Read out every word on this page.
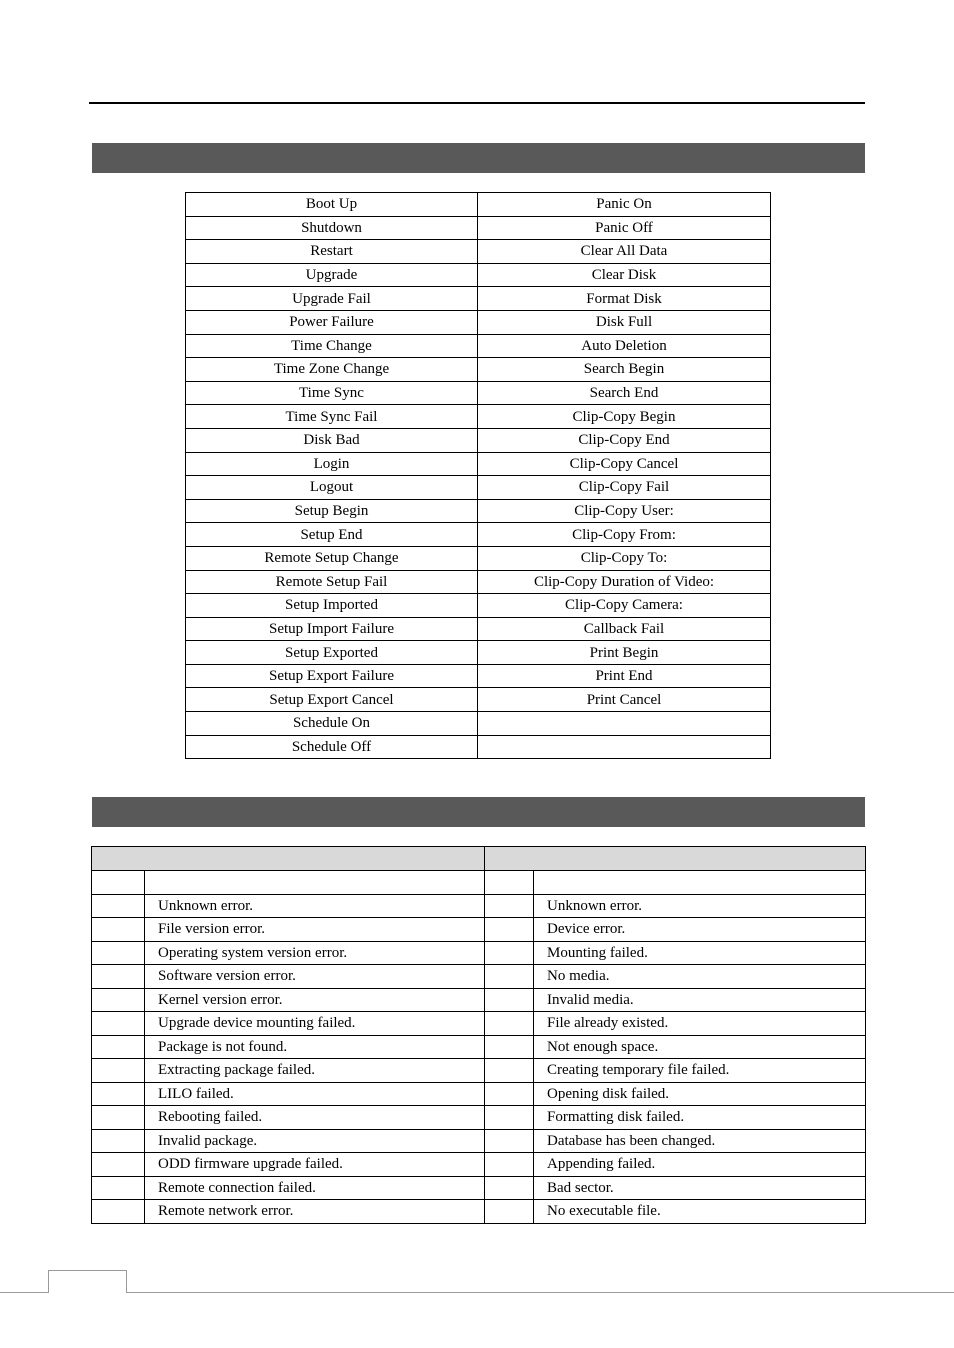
Boot Up	Panic On
Shutdown	Panic Off
Restart	Clear All Data
Upgrade	Clear Disk
Upgrade Fail	Format Disk
Power Failure	Disk Full
Time Change	Auto Deletion
Time Zone Change	Search Begin
Time Sync	Search End
Time Sync Fail	Clip-Copy Begin
Disk Bad	Clip-Copy End
Login	Clip-Copy Cancel
Logout	Clip-Copy Fail
Setup Begin	Clip-Copy User:
Setup End	Clip-Copy From:
Remote Setup Change	Clip-Copy To:
Remote Setup Fail	Clip-Copy Duration of Video:
Setup Imported	Clip-Copy Camera:
Setup Import Failure	Callback Fail
Setup Exported	Print Begin
Setup Export Failure	Print End
Setup Export Cancel	Print Cancel
Schedule On	
Schedule Off	

	Unknown error.		Unknown error.
	File version error.		Device error.
	Operating system version error.		Mounting failed.
	Software version error.		No media.
	Kernel version error.		Invalid media.
	Upgrade device mounting failed.		File already existed.
	Package is not found.		Not enough space.
	Extracting package failed.		Creating temporary file failed.
	LILO failed.		Opening disk failed.
	Rebooting failed.		Formatting disk failed.
	Invalid package.		Database has been changed.
	ODD firmware upgrade failed.		Appending failed.
	Remote connection failed.		Bad sector.
	Remote network error.		No executable file.
